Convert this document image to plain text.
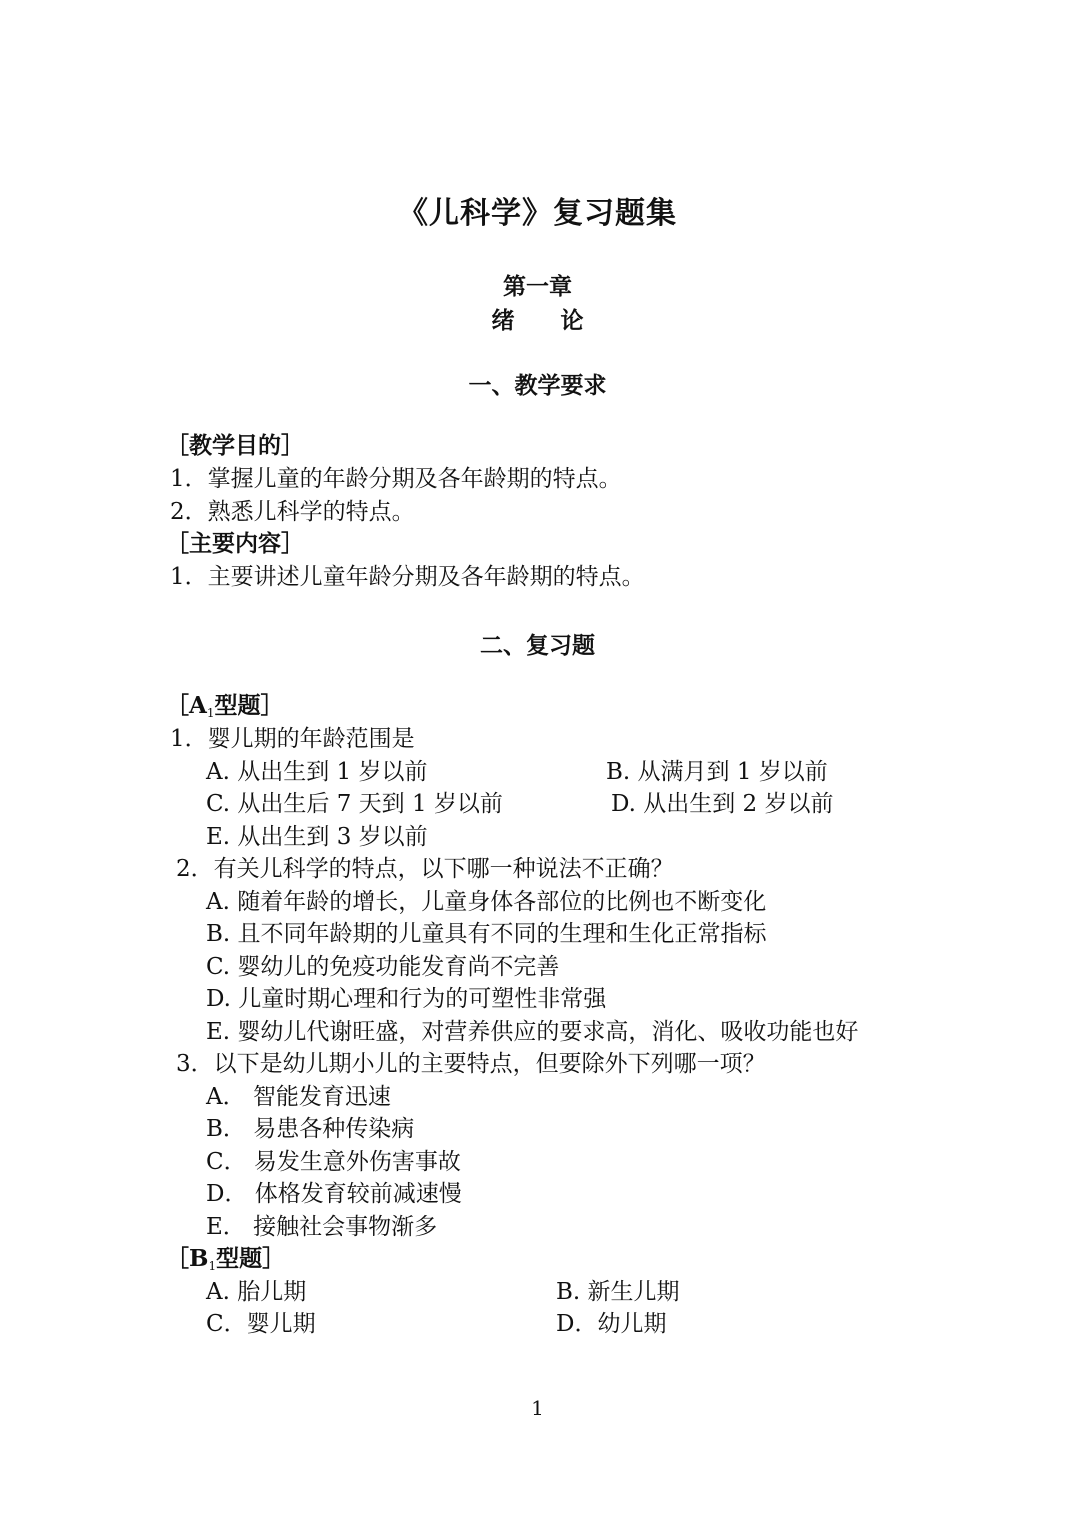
《儿科学》复习题集
第一章
绪　　论
一、教学要求
［教学目的］
1．掌握儿童的年龄分期及各年龄期的特点。
2．熟悉儿科学的特点。
［主要内容］
1．主要讲述儿童年龄分期及各年龄期的特点。
二、复习题
$[A_1$型题］
1．婴儿期的年龄范围是
A. 从出生到 1 岁以前	B. 从满月到 1 岁以前
C. 从出生后 7 天到 1 岁以前	D. 从出生到 2 岁以前
E. 从出生到 3 岁以前
2．有关儿科学的特点，以下哪一种说法不正确？
A. 随着年龄的增长，儿童身体各部位的比例也不断变化
B. 且不同年龄期的儿童具有不同的生理和生化正常指标
C. 婴幼儿的免疫功能发育尚不完善
D. 儿童时期心理和行为的可塑性非常强
E. 婴幼儿代谢旺盛，对营养供应的要求高，消化、吸收功能也好
3．以下是幼儿期小儿的主要特点，但要除外下列哪一项？
A． 智能发育迅速
B． 易患各种传染病
C． 易发生意外伤害事故
D． 体格发育较前减速慢
E． 接触社会事物渐多
$[B_1$型题］
A. 胎儿期	B. 新生儿期
C．婴儿期	D．幼儿期
1
